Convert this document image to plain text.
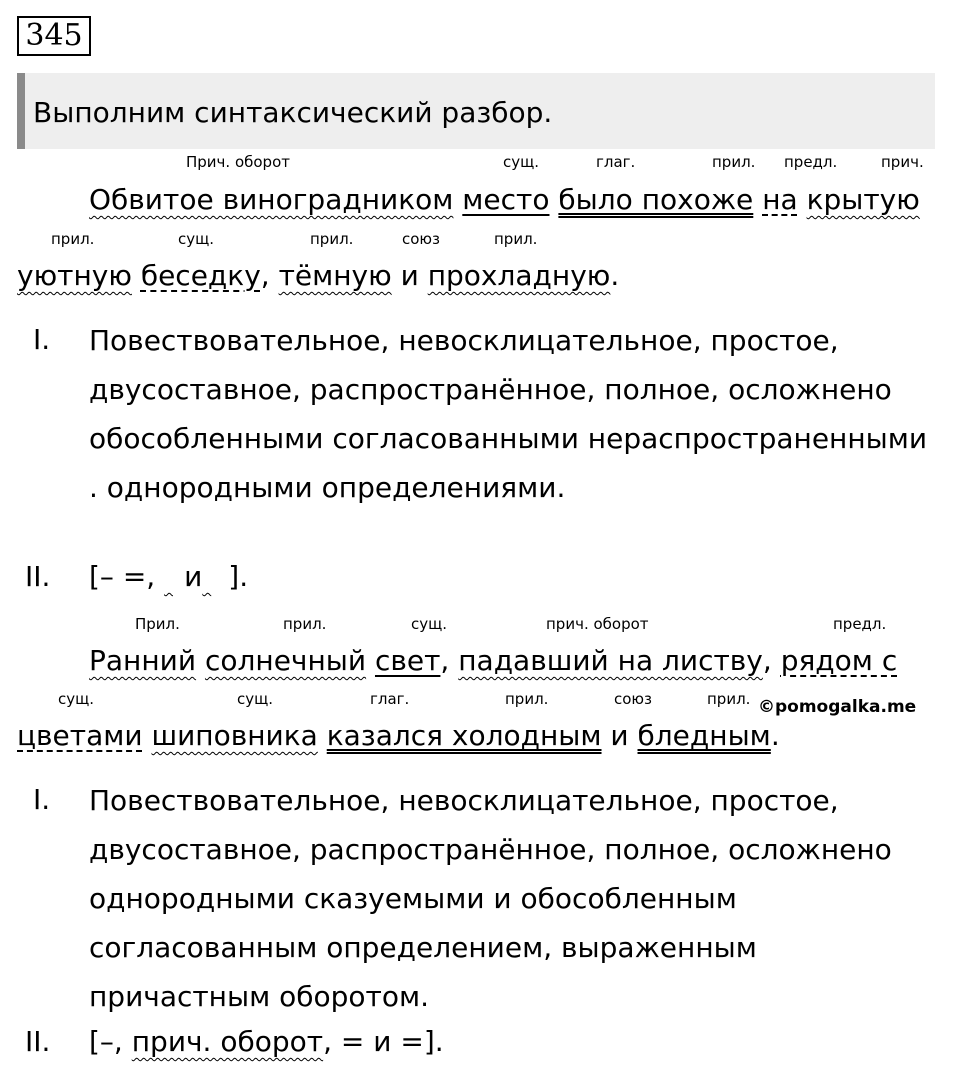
345
Выполним синтаксический разбор.
Прич. оборот	сущ.	глаг.	прил. предл.	прич.
Обвитое виноградником место было похоже на крытую
прил.	сущ.	прил.	союз	прил.
уютную беседку, тёмную и прохладную.
I. Повествовательное, невосклицательное, простое, двусоставное, распространённое, полное, осложнено обособленными согласованными нераспространенными . однородными определениями.
II. [– =,  и ].
Прил.	прил.	сущ.	прич. оборот	предл.
Ранний солнечный свет, падавший на листву, рядом с
сущ.	сущ.	глаг.	прил.	союз	прил. ©pomogalka.me
цветами шиповника казался холодным и бледным.
I. Повествовательное, невосклицательное, простое, двусоставное, распространённое, полное, осложнено однородными сказуемыми и обособленным согласованным определением, выраженным причастным оборотом.
II. [–, прич. оборот, = и =].
